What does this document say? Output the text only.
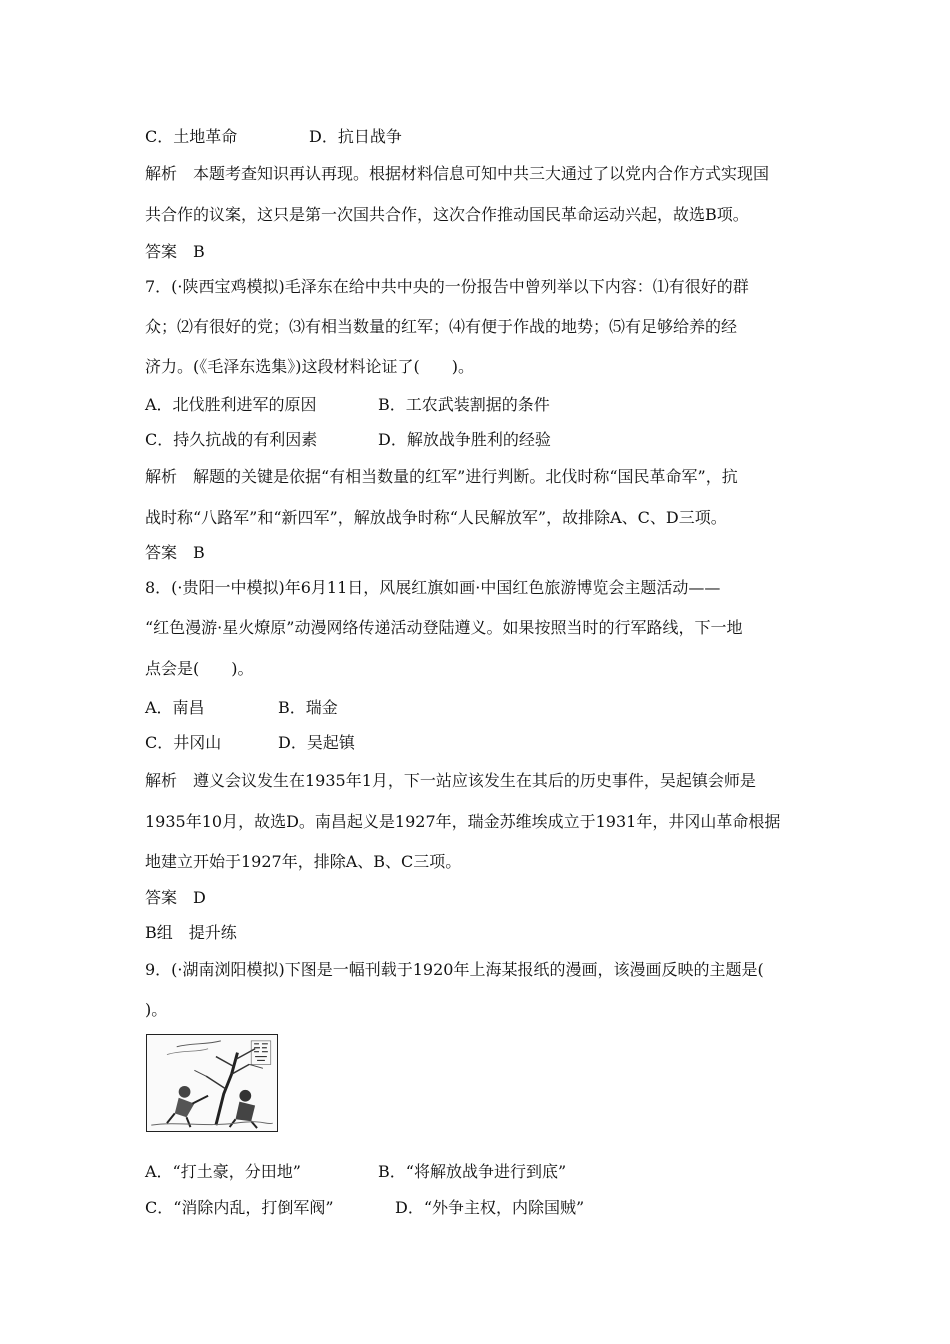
C．土地革命

	D．抗日战争

解析　本题考查知识再认再现。根据材料信息可知中共三大通过了以党内合作方式实现国
共合作的议案，这只是第一次国共合作，这次合作推动国民革命运动兴起，故选B项。
答案　B
7．(·陕西宝鸡模拟)毛泽东在给中共中央的一份报告中曾列举以下内容：⑴有很好的群
众；⑵有很好的党；⑶有相当数量的红军；⑷有便于作战的地势；⑸有足够给养的经
济力。(《毛泽东选集》)这段材料论证了(　　)。

A．北伐胜利进军的原因

	B．工农武装割据的条件

C．持久抗战的有利因素

	D．解放战争胜利的经验

解析　解题的关键是依据“有相当数量的红军”进行判断。北伐时称“国民革命军”，抗
战时称“八路军”和“新四军”，解放战争时称“人民解放军”，故排除A、C、D三项。
答案　B
8．(·贵阳一中模拟)年6月11日，风展红旗如画·中国红色旅游博览会主题活动——
“红色漫游·星火燎原”动漫网络传递活动登陆遵义。如果按照当时的行军路线，下一地
点会是(　　)。

A．南昌

	B．瑞金

C．井冈山

	D．吴起镇

解析　遵义会议发生在1935年1月，下一站应该发生在其后的历史事件，吴起镇会师是
1935年10月，故选D。南昌起义是1927年，瑞金苏维埃成立于1931年，井冈山革命根据
地建立开始于1927年，排除A、B、C三项。
答案　D
B组　提升练
9．(·湖南浏阳模拟)下图是一幅刊载于1920年上海某报纸的漫画，该漫画反映的主题是(
)。

A．“打土豪，分田地”

	B．“将解放战争进行到底”

C．“消除内乱，打倒军阀”

	D．“外争主权，内除国贼”
